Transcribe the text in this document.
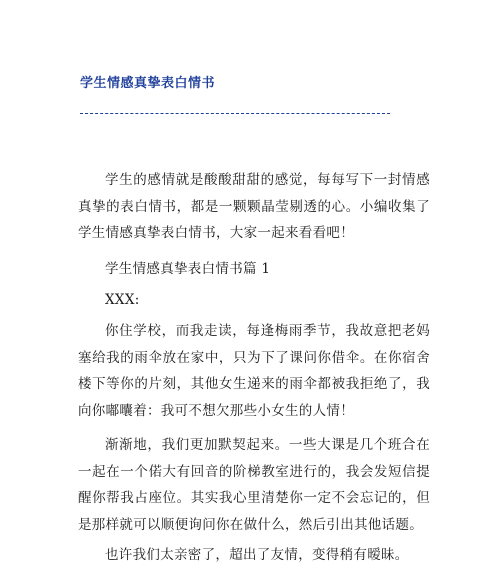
学生情感真挚表白情书

学生的感情就是酸酸甜甜的感觉，每每写下一封情感真挚的表白情书，都是一颗颗晶莹剔透的心。小编收集了学生情感真挚表白情书，大家一起来看看吧！

学生情感真挚表白情书篇 1

XXX:

你住学校，而我走读，每逢梅雨季节，我故意把老妈塞给我的雨伞放在家中，只为下了课问你借伞。在你宿舍楼下等你的片刻，其他女生递来的雨伞都被我拒绝了，我向你嘟囔着：我可不想欠那些小女生的人情！

渐渐地，我们更加默契起来。一些大课是几个班合在一起在一个偌大有回音的阶梯教室进行的，我会发短信提醒你帮我占座位。其实我心里清楚你一定不会忘记的，但是那样就可以顺便询问你在做什么，然后引出其他话题。

也许我们太亲密了，超出了友情，变得稍有暧昧。
